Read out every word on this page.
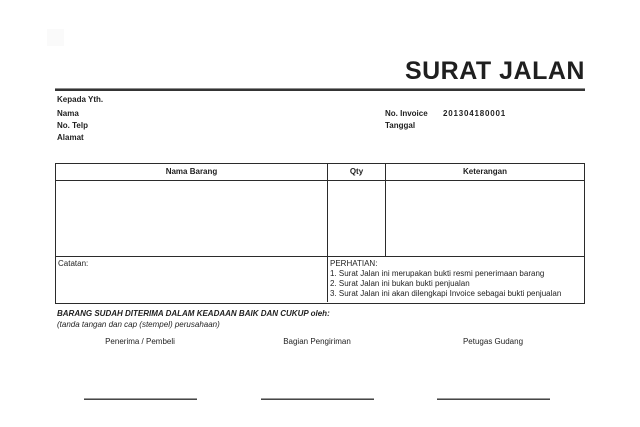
SURAT JALAN
Kepada Yth.
Nama
No. Telp
Alamat
No. Invoice 201304180001
Tanggal
Nama Barang	Qty	Keterangan
Catatan:	PERHATIAN:
1. Surat Jalan ini merupakan bukti resmi penerimaan barang
2. Surat Jalan ini bukan bukti penjualan
3. Surat Jalan ini akan dilengkapi Invoice sebagai bukti penjualan
BARANG SUDAH DITERIMA DALAM KEADAAN BAIK DAN CUKUP oleh:
(tanda tangan dan cap (stempel) perusahaan)
Penerima / Pembeli	Bagian Pengiriman	Petugas Gudang
